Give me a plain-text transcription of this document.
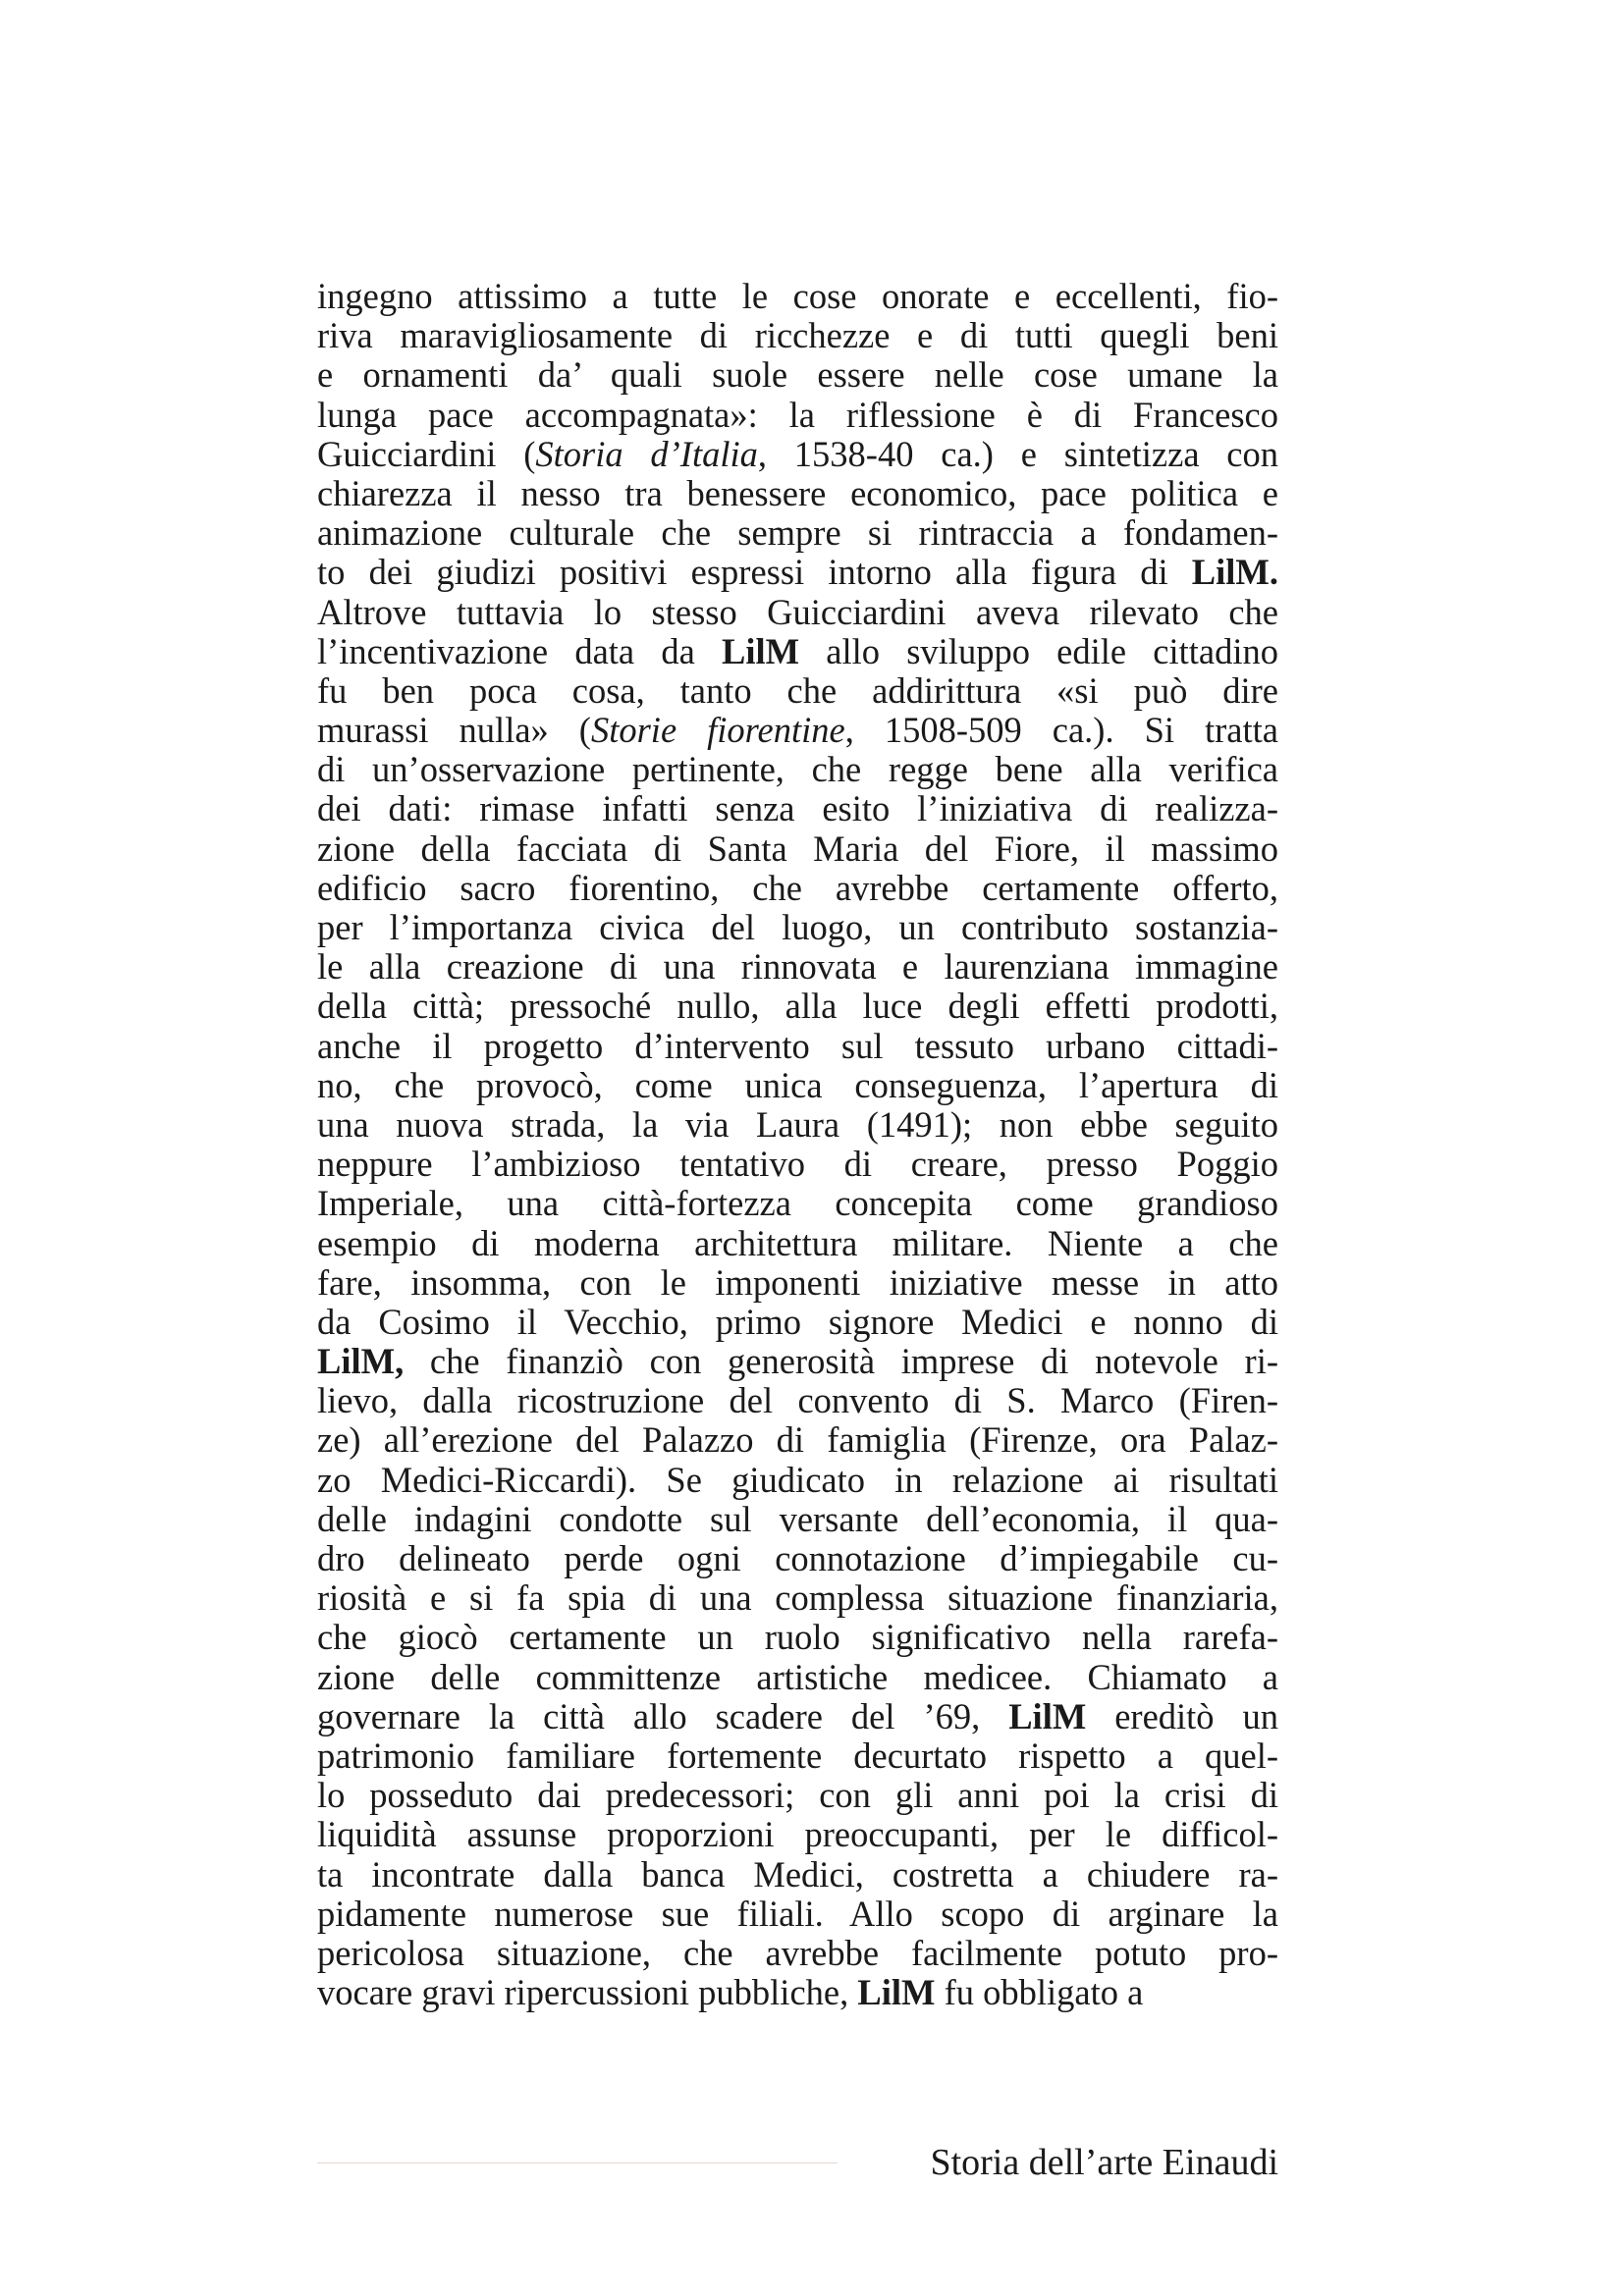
ingegno attissimo a tutte le cose onorate e eccellenti, fio-
riva maravigliosamente di ricchezze e di tutti quegli beni
e ornamenti da’ quali suole essere nelle cose umane la
lunga pace accompagnata»: la riflessione è di Francesco
Guicciardini (Storia d’Italia, 1538-40 ca.) e sintetizza con
chiarezza il nesso tra benessere economico, pace politica e
animazione culturale che sempre si rintraccia a fondamen-
to dei giudizi positivi espressi intorno alla figura di LilM.
Altrove tuttavia lo stesso Guicciardini aveva rilevato che
l’incentivazione data da LilM allo sviluppo edile cittadino
fu ben poca cosa, tanto che addirittura «si può dire
murassi nulla» (Storie fiorentine, 1508-509 ca.). Si tratta
di un’osservazione pertinente, che regge bene alla verifica
dei dati: rimase infatti senza esito l’iniziativa di realizza-
zione della facciata di Santa Maria del Fiore, il massimo
edificio sacro fiorentino, che avrebbe certamente offerto,
per l’importanza civica del luogo, un contributo sostanzia-
le alla creazione di una rinnovata e laurenziana immagine
della città; pressoché nullo, alla luce degli effetti prodotti,
anche il progetto d’intervento sul tessuto urbano cittadi-
no, che provocò, come unica conseguenza, l’apertura di
una nuova strada, la via Laura (1491); non ebbe seguito
neppure l’ambizioso tentativo di creare, presso Poggio
Imperiale, una città-fortezza concepita come grandioso
esempio di moderna architettura militare. Niente a che
fare, insomma, con le imponenti iniziative messe in atto
da Cosimo il Vecchio, primo signore Medici e nonno di
LilM, che finanziò con generosità imprese di notevole ri-
lievo, dalla ricostruzione del convento di S. Marco (Firen-
ze) all’erezione del Palazzo di famiglia (Firenze, ora Palaz-
zo Medici-Riccardi). Se giudicato in relazione ai risultati
delle indagini condotte sul versante dell’economia, il qua-
dro delineato perde ogni connotazione d’impiegabile cu-
riosità e si fa spia di una complessa situazione finanziaria,
che giocò certamente un ruolo significativo nella rarefa-
zione delle committenze artistiche medicee. Chiamato a
governare la città allo scadere del ’69, LilM ereditò un
patrimonio familiare fortemente decurtato rispetto a quel-
lo posseduto dai predecessori; con gli anni poi la crisi di
liquidità assunse proporzioni preoccupanti, per le difficol-
ta incontrate dalla banca Medici, costretta a chiudere ra-
pidamente numerose sue filiali. Allo scopo di arginare la
pericolosa situazione, che avrebbe facilmente potuto pro-
vocare gravi ripercussioni pubbliche, LilM fu obbligato a
Storia dell’arte Einaudi
